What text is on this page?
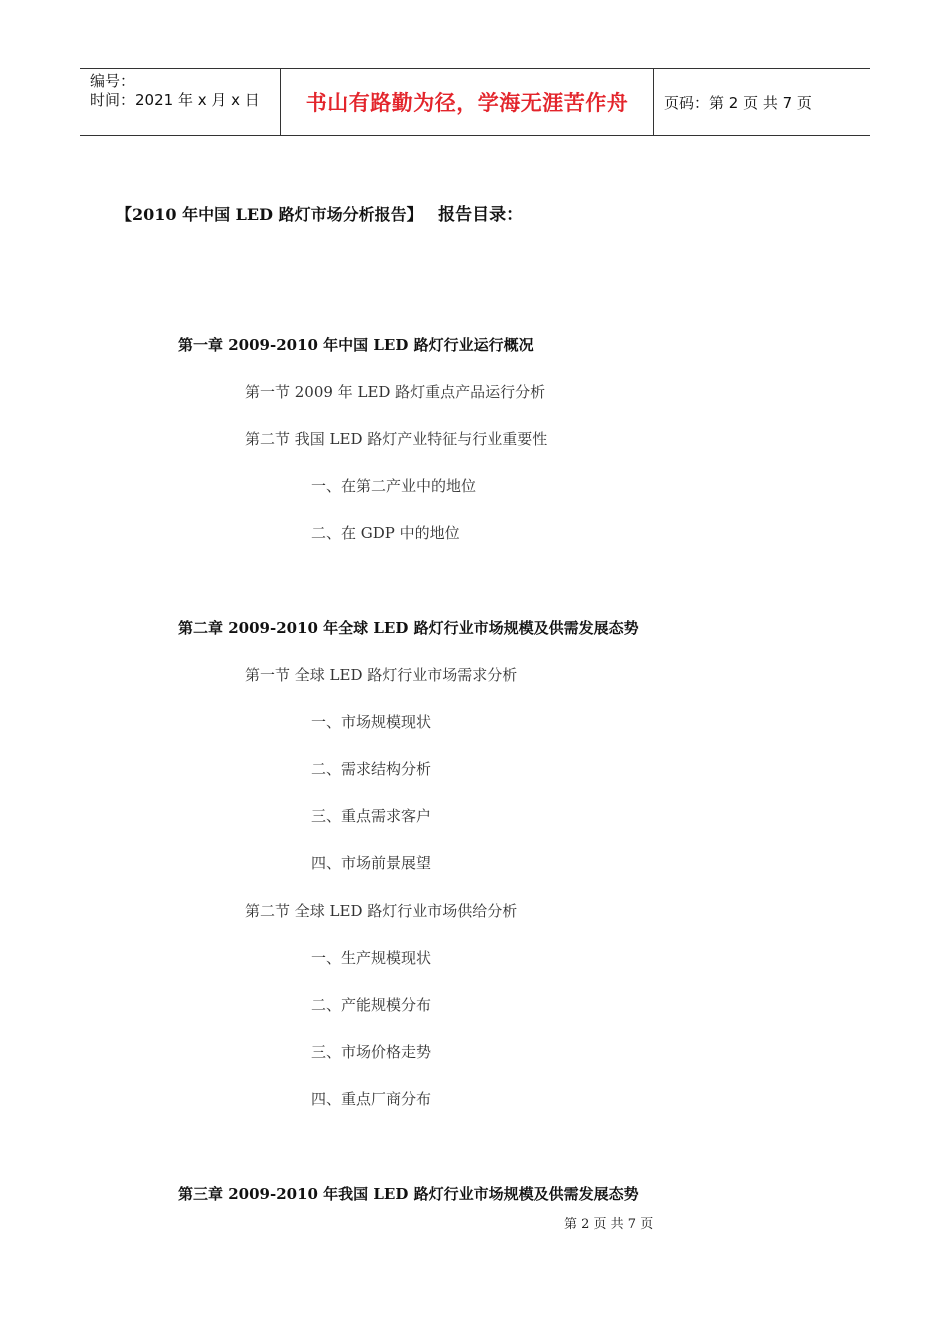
编号：
时间：2021 年 x 月 x 日	书山有路勤为径，学海无涯苦作舟	页码：第 2 页 共 7 页
【2010 年中国 LED 路灯市场分析报告】 报告目录：
第一章 2009-2010 年中国 LED 路灯行业运行概况
第一节 2009 年 LED 路灯重点产品运行分析
第二节 我国 LED 路灯产业特征与行业重要性
一、在第二产业中的地位
二、在 GDP 中的地位
第二章 2009-2010 年全球 LED 路灯行业市场规模及供需发展态势
第一节 全球 LED 路灯行业市场需求分析
一、市场规模现状
二、需求结构分析
三、重点需求客户
四、市场前景展望
第二节 全球 LED 路灯行业市场供给分析
一、生产规模现状
二、产能规模分布
三、市场价格走势
四、重点厂商分布
第三章 2009-2010 年我国 LED 路灯行业市场规模及供需发展态势
第 2 页 共 7 页
